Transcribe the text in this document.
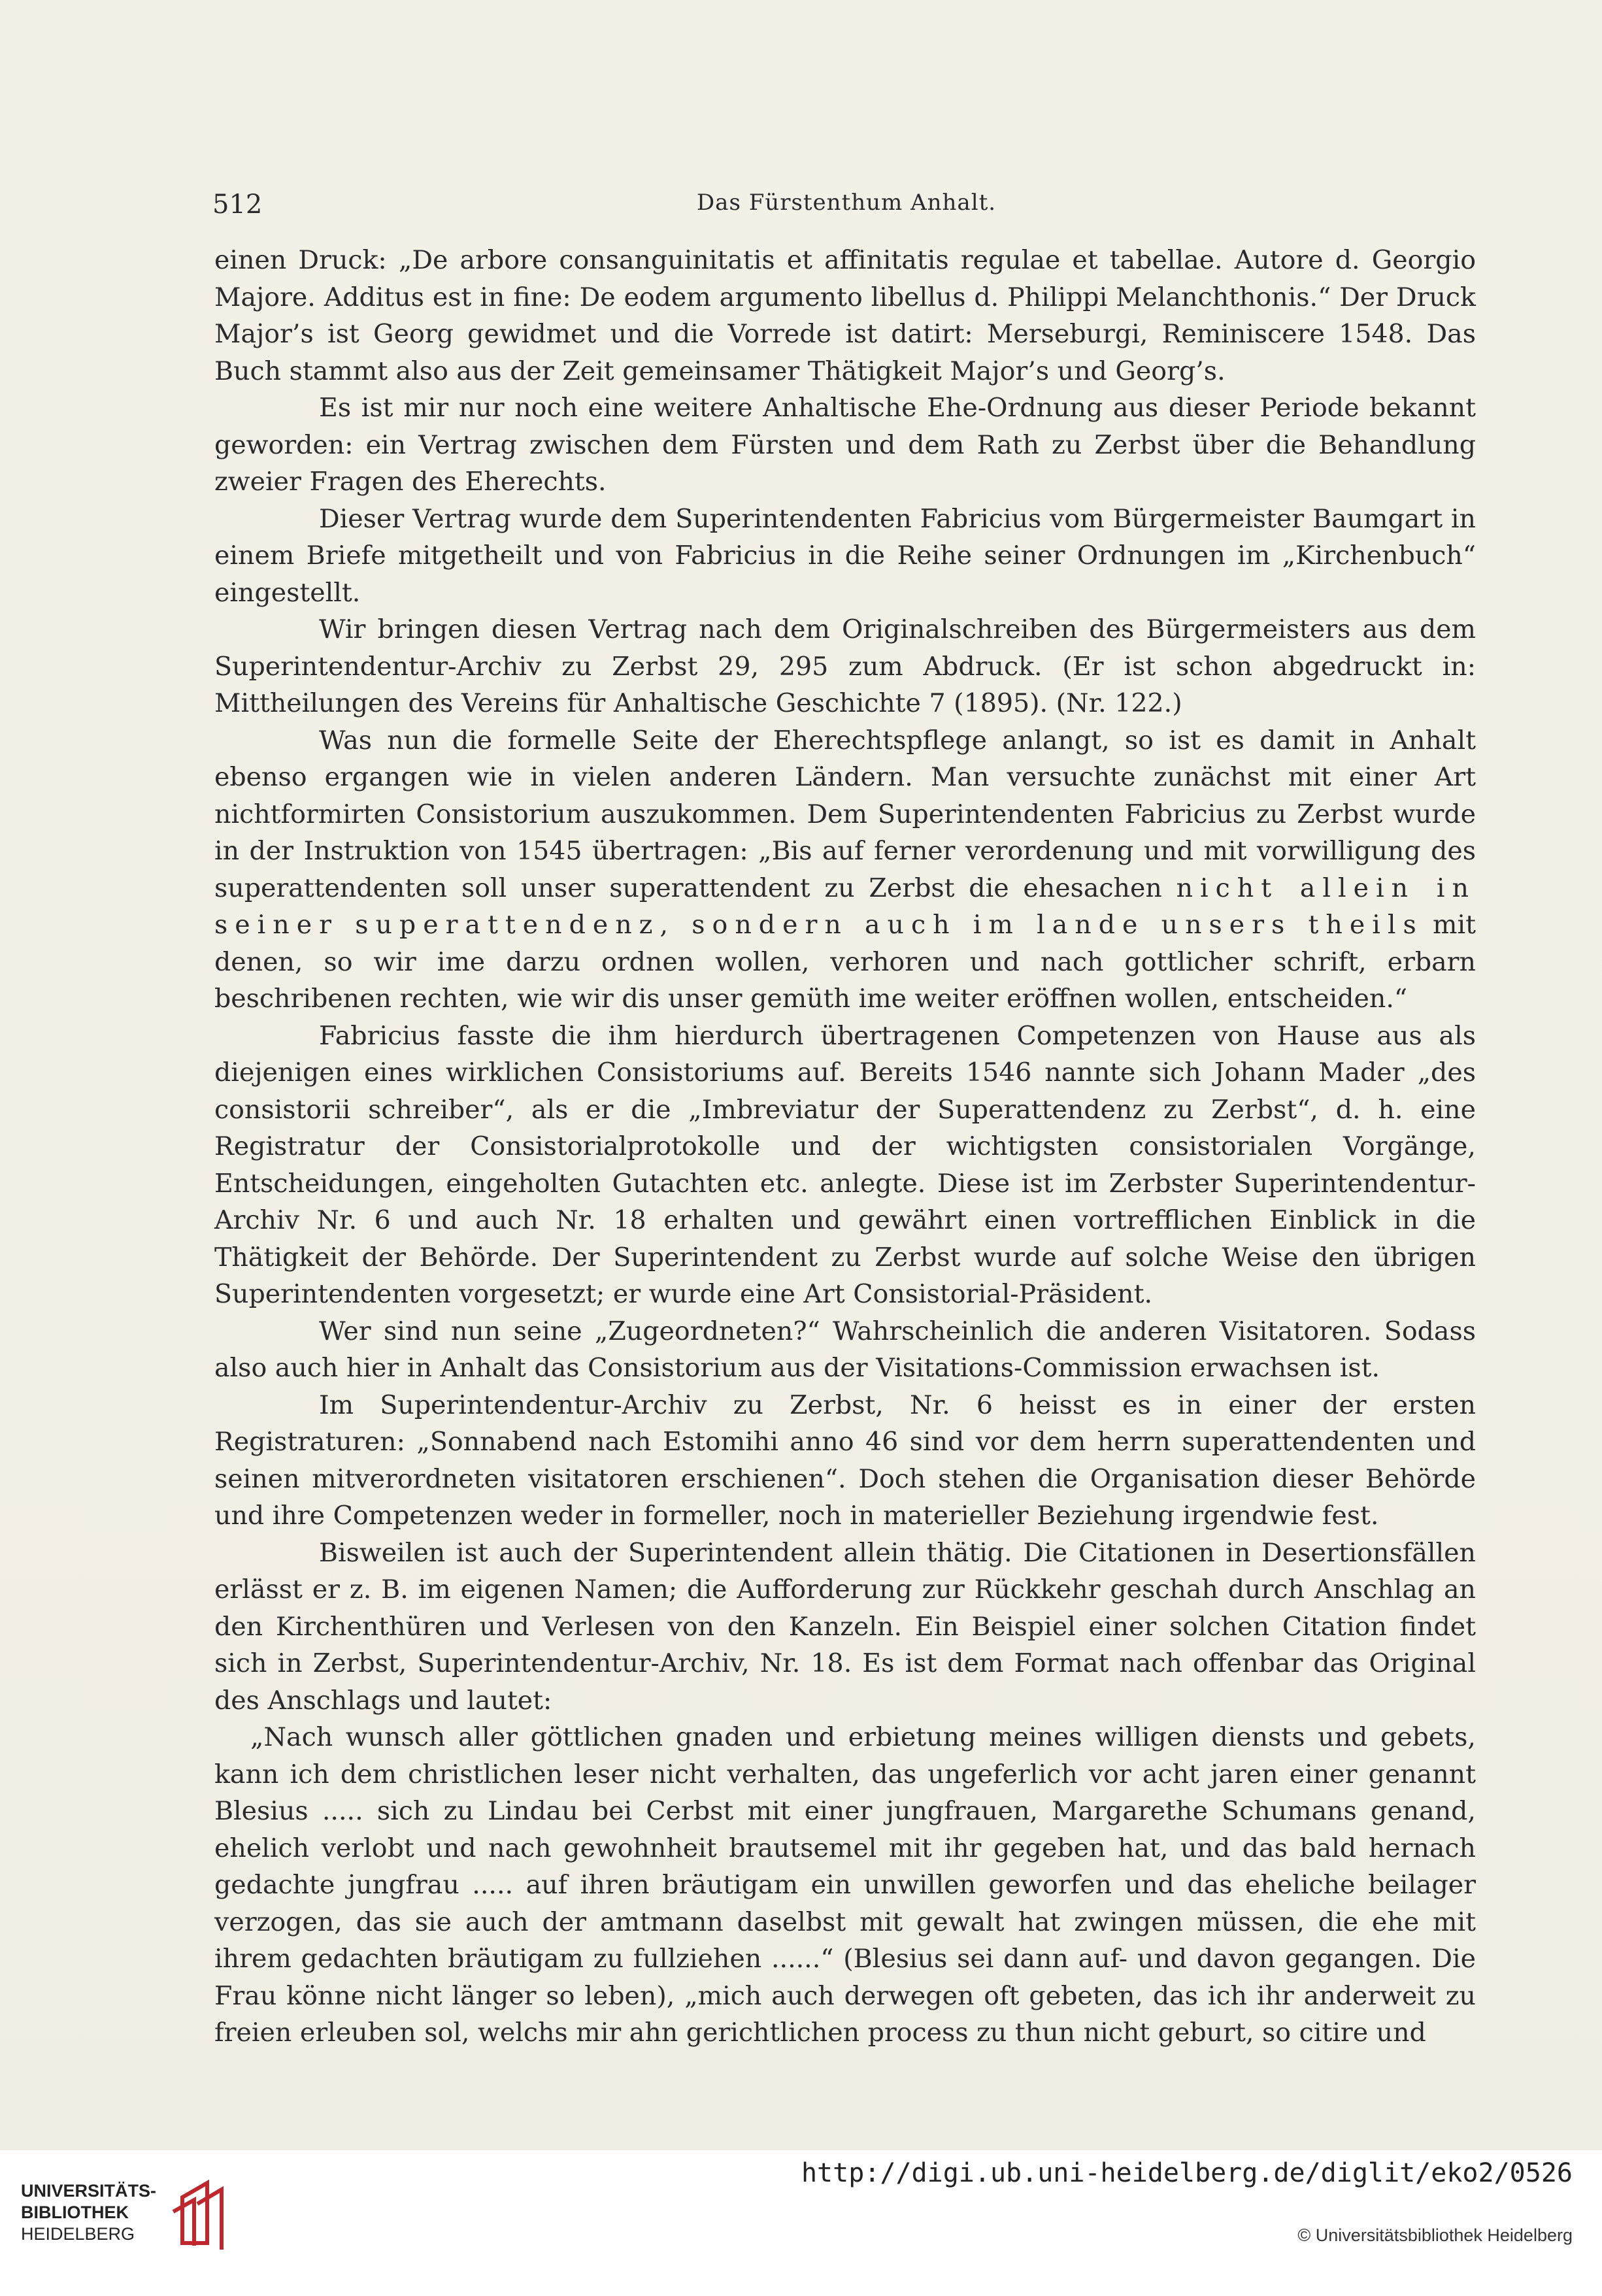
512	Das Fürstenthum Anhalt.

einen Druck: „De arbore consanguinitatis et affinitatis regulae et tabellae. Autore d. Georgio Majore. Additus est in fine: De eodem argumento libellus d. Philippi Melanchthonis.“ Der Druck Major’s ist Georg gewidmet und die Vorrede ist datirt: Merseburgi, Reminiscere 1548. Das Buch stammt also aus der Zeit gemeinsamer Thätigkeit Major’s und Georg’s.

Es ist mir nur noch eine weitere Anhaltische Ehe-Ordnung aus dieser Periode bekannt geworden: ein Vertrag zwischen dem Fürsten und dem Rath zu Zerbst über die Behandlung zweier Fragen des Eherechts.

Dieser Vertrag wurde dem Superintendenten Fabricius vom Bürgermeister Baumgart in einem Briefe mitgetheilt und von Fabricius in die Reihe seiner Ordnungen im „Kirchenbuch“ eingestellt.

Wir bringen diesen Vertrag nach dem Originalschreiben des Bürgermeisters aus dem Superintendentur-Archiv zu Zerbst 29, 295 zum Abdruck. (Er ist schon abgedruckt in: Mittheilungen des Vereins für Anhaltische Geschichte 7 (1895). (Nr. 122.)

Was nun die formelle Seite der Eherechtspflege anlangt, so ist es damit in Anhalt ebenso ergangen wie in vielen anderen Ländern. Man versuchte zunächst mit einer Art nichtformirten Consistorium auszukommen. Dem Superintendenten Fabricius zu Zerbst wurde in der Instruktion von 1545 übertragen: „Bis auf ferner verordenung und mit vorwilligung des superattendenten soll unser superattendent zu Zerbst die ehesachen nicht allein in seiner superattendenz, sondern auch im lande unsers theils mit denen, so wir ime darzu ordnen wollen, verhoren und nach gottlicher schrift, erbarn beschribenen rechten, wie wir dis unser gemüth ime weiter eröffnen wollen, entscheiden.“

Fabricius fasste die ihm hierdurch übertragenen Competenzen von Hause aus als diejenigen eines wirklichen Consistoriums auf. Bereits 1546 nannte sich Johann Mader „des consistorii schreiber“, als er die „Imbreviatur der Superattendenz zu Zerbst“, d. h. eine Registratur der Consistorialprotokolle und der wichtigsten consistorialen Vorgänge, Entscheidungen, eingeholten Gutachten etc. anlegte. Diese ist im Zerbster Superintendentur-Archiv Nr. 6 und auch Nr. 18 erhalten und gewährt einen vortrefflichen Einblick in die Thätigkeit der Behörde. Der Superintendent zu Zerbst wurde auf solche Weise den übrigen Superintendenten vorgesetzt; er wurde eine Art Consistorial-Präsident.

Wer sind nun seine „Zugeordneten?“ Wahrscheinlich die anderen Visitatoren. Sodass also auch hier in Anhalt das Consistorium aus der Visitations-Commission erwachsen ist.

Im Superintendentur-Archiv zu Zerbst, Nr. 6 heisst es in einer der ersten Registraturen: „Sonnabend nach Estomihi anno 46 sind vor dem herrn superattendenten und seinen mitverordneten visitatoren erschienen“. Doch stehen die Organisation dieser Behörde und ihre Competenzen weder in formeller, noch in materieller Beziehung irgendwie fest.

Bisweilen ist auch der Superintendent allein thätig. Die Citationen in Desertionsfällen erlässt er z. B. im eigenen Namen; die Aufforderung zur Rückkehr geschah durch Anschlag an den Kirchenthüren und Verlesen von den Kanzeln. Ein Beispiel einer solchen Citation findet sich in Zerbst, Superintendentur-Archiv, Nr. 18. Es ist dem Format nach offenbar das Original des Anschlags und lautet:

„Nach wunsch aller göttlichen gnaden und erbietung meines willigen diensts und gebets, kann ich dem christlichen leser nicht verhalten, das ungeferlich vor acht jaren einer genannt Blesius ..... sich zu Lindau bei Cerbst mit einer jungfrauen, Margarethe Schumans genand, ehelich verlobt und nach gewohnheit brautsemel mit ihr gegeben hat, und das bald hernach gedachte jungfrau ..... auf ihren bräutigam ein unwillen geworfen und das eheliche beilager verzogen, das sie auch der amtmann daselbst mit gewalt hat zwingen müssen, die ehe mit ihrem gedachten bräutigam zu fullziehen ......“ (Blesius sei dann auf- und davon gegangen. Die Frau könne nicht länger so leben), „mich auch derwegen oft gebeten, das ich ihr anderweit zu freien erleuben sol, welchs mir ahn gerichtlichen process zu thun nicht geburt, so citire und

UNIVERSITÄTS-
BIBLIOTHEK
HEIDELBERG
http://digi.ub.uni-heidelberg.de/diglit/eko2/0526
© Universitätsbibliothek Heidelberg
